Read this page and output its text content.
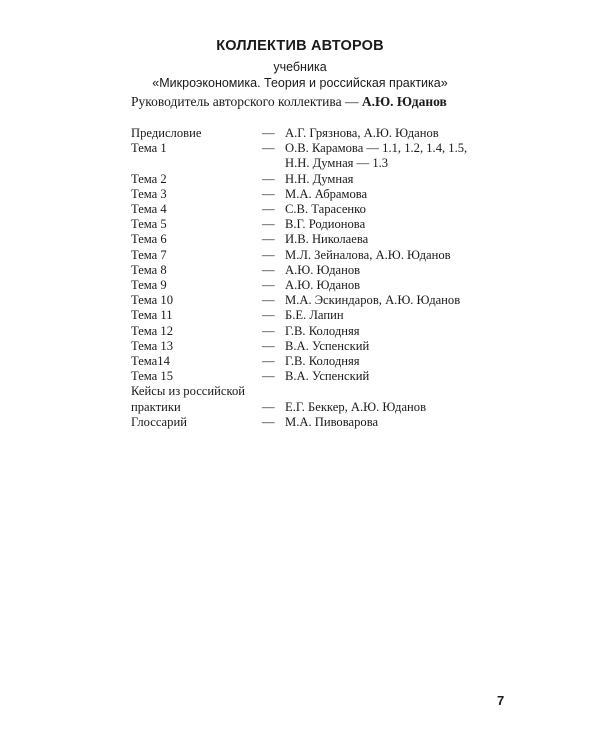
КОЛЛЕКТИВ АВТОРОВ
учебника
«Микроэкономика. Теория и российская практика»
Руководитель авторского коллектива — А.Ю. Юданов
Предисловие	— А.Г. Грязнова, А.Ю. Юданов
Тема 1	— О.В. Карамова — 1.1, 1.2, 1.4, 1.5,
Н.Н. Думная — 1.3
Тема 2	— Н.Н. Думная
Тема 3	— М.А. Абрамова
Тема 4	— С.В. Тарасенко
Тема 5	— В.Г. Родионова
Тема 6	— И.В. Николаева
Тема 7	— М.Л. Зейналова, А.Ю. Юданов
Тема 8	— А.Ю. Юданов
Тема 9	— А.Ю. Юданов
Тема 10	— М.А. Эскиндаров, А.Ю. Юданов
Тема 11	— Б.Е. Лапин
Тема 12	— Г.В. Колодняя
Тема 13	— В.А. Успенский
Тема14	— Г.В. Колодняя
Тема 15	— В.А. Успенский
Кейсы из российской
практики	— Е.Г. Беккер, А.Ю. Юданов
Глоссарий	— М.А. Пивоварова
7
